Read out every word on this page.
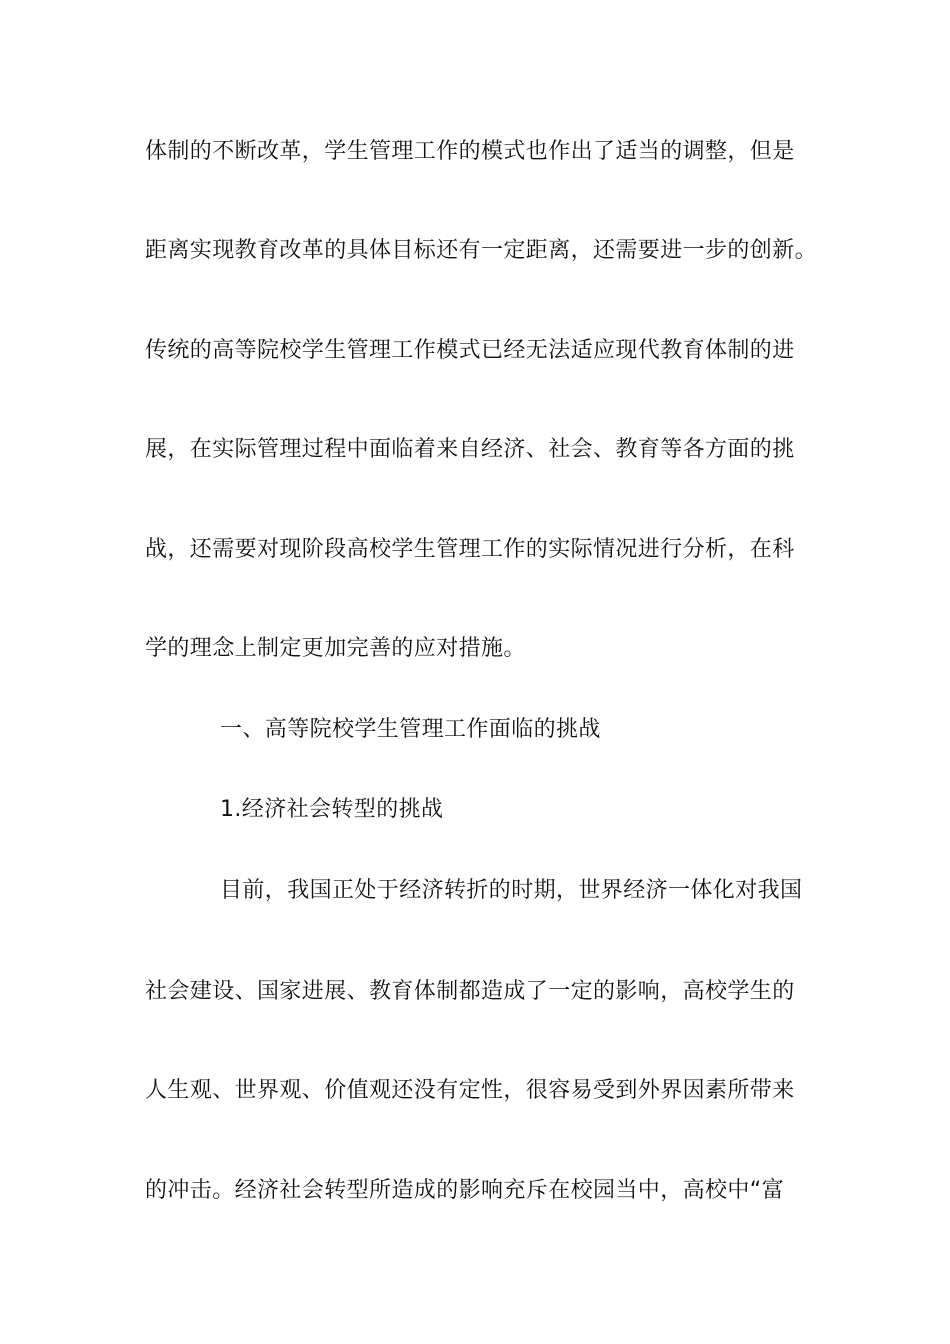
体制的不断改革，学生管理工作的模式也作出了适当的调整，但是
距离实现教育改革的具体目标还有一定距离，还需要进一步的创新。
传统的高等院校学生管理工作模式已经无法适应现代教育体制的进
展，在实际管理过程中面临着来自经济、社会、教育等各方面的挑
战，还需要对现阶段高校学生管理工作的实际情况进行分析，在科
学的理念上制定更加完善的应对措施。
一、高等院校学生管理工作面临的挑战
1.经济社会转型的挑战
目前，我国正处于经济转折的时期，世界经济一体化对我国
社会建设、国家进展、教育体制都造成了一定的影响，高校学生的
人生观、世界观、价值观还没有定性，很容易受到外界因素所带来
的冲击。经济社会转型所造成的影响充斥在校园当中，高校中“富
